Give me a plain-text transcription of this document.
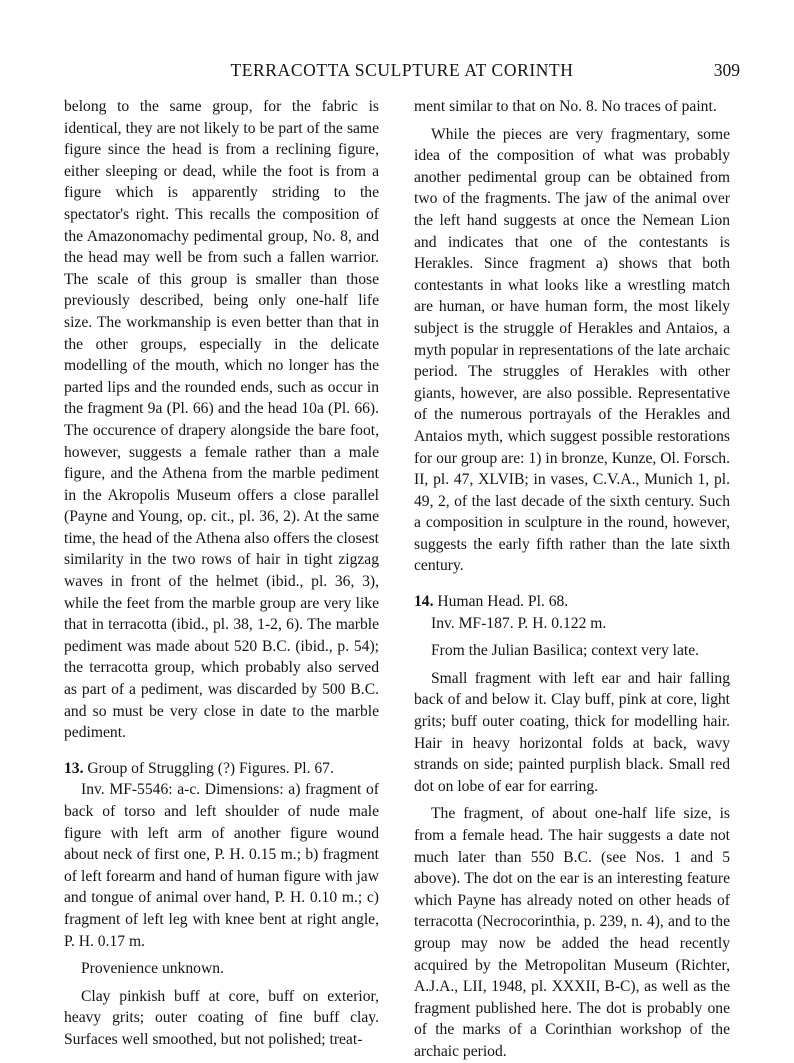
TERRACOTTA SCULPTURE AT CORINTH	309

belong to the same group, for the fabric is identical, they are not likely to be part of the same figure since the head is from a reclining figure, either sleeping or dead, while the foot is from a figure which is apparently striding to the spectator's right. This recalls the composition of the Amazonomachy pedimental group, No. 8, and the head may well be from such a fallen warrior. The scale of this group is smaller than those previously described, being only one-half life size. The workmanship is even better than that in the other groups, especially in the delicate modelling of the mouth, which no longer has the parted lips and the rounded ends, such as occur in the fragment 9a (Pl. 66) and the head 10a (Pl. 66). The occurence of drapery alongside the bare foot, however, suggests a female rather than a male figure, and the Athena from the marble pediment in the Akropolis Museum offers a close parallel (Payne and Young, op. cit., pl. 36, 2). At the same time, the head of the Athena also offers the closest similarity in the two rows of hair in tight zigzag waves in front of the helmet (ibid., pl. 36, 3), while the feet from the marble group are very like that in terracotta (ibid., pl. 38, 1-2, 6). The marble pediment was made about 520 B.C. (ibid., p. 54); the terracotta group, which probably also served as part of a pediment, was discarded by 500 B.C. and so must be very close in date to the marble pediment.

13. Group of Struggling (?) Figures. Pl. 67.

Inv. MF-5546: a-c. Dimensions: a) fragment of back of torso and left shoulder of nude male figure with left arm of another figure wound about neck of first one, P. H. 0.15 m.; b) fragment of left forearm and hand of human figure with jaw and tongue of animal over hand, P. H. 0.10 m.; c) fragment of left leg with knee bent at right angle, P. H. 0.17 m.

Provenience unknown.

Clay pinkish buff at core, buff on exterior, heavy grits; outer coating of fine buff clay. Surfaces well smoothed, but not polished; treat-

ment similar to that on No. 8. No traces of paint.

While the pieces are very fragmentary, some idea of the composition of what was probably another pedimental group can be obtained from two of the fragments. The jaw of the animal over the left hand suggests at once the Nemean Lion and indicates that one of the contestants is Herakles. Since fragment a) shows that both contestants in what looks like a wrestling match are human, or have human form, the most likely subject is the struggle of Herakles and Antaios, a myth popular in representations of the late archaic period. The struggles of Herakles with other giants, however, are also possible. Representative of the numerous portrayals of the Herakles and Antaios myth, which suggest possible restorations for our group are: 1) in bronze, Kunze, Ol. Forsch. II, pl. 47, XLVIB; in vases, C.V.A., Munich 1, pl. 49, 2, of the last decade of the sixth century. Such a composition in sculpture in the round, however, suggests the early fifth rather than the late sixth century.

14. Human Head. Pl. 68.

Inv. MF-187. P. H. 0.122 m.

From the Julian Basilica; context very late.

Small fragment with left ear and hair falling back of and below it. Clay buff, pink at core, light grits; buff outer coating, thick for modelling hair. Hair in heavy horizontal folds at back, wavy strands on side; painted purplish black. Small red dot on lobe of ear for earring.

The fragment, of about one-half life size, is from a female head. The hair suggests a date not much later than 550 B.C. (see Nos. 1 and 5 above). The dot on the ear is an interesting feature which Payne has already noted on other heads of terracotta (Necrocorinthia, p. 239, n. 4), and to the group may now be added the head recently acquired by the Metropolitan Museum (Richter, A.J.A., LII, 1948, pl. XXXII, B-C), as well as the fragment published here. The dot is probably one of the marks of a Corinthian workshop of the archaic period.
